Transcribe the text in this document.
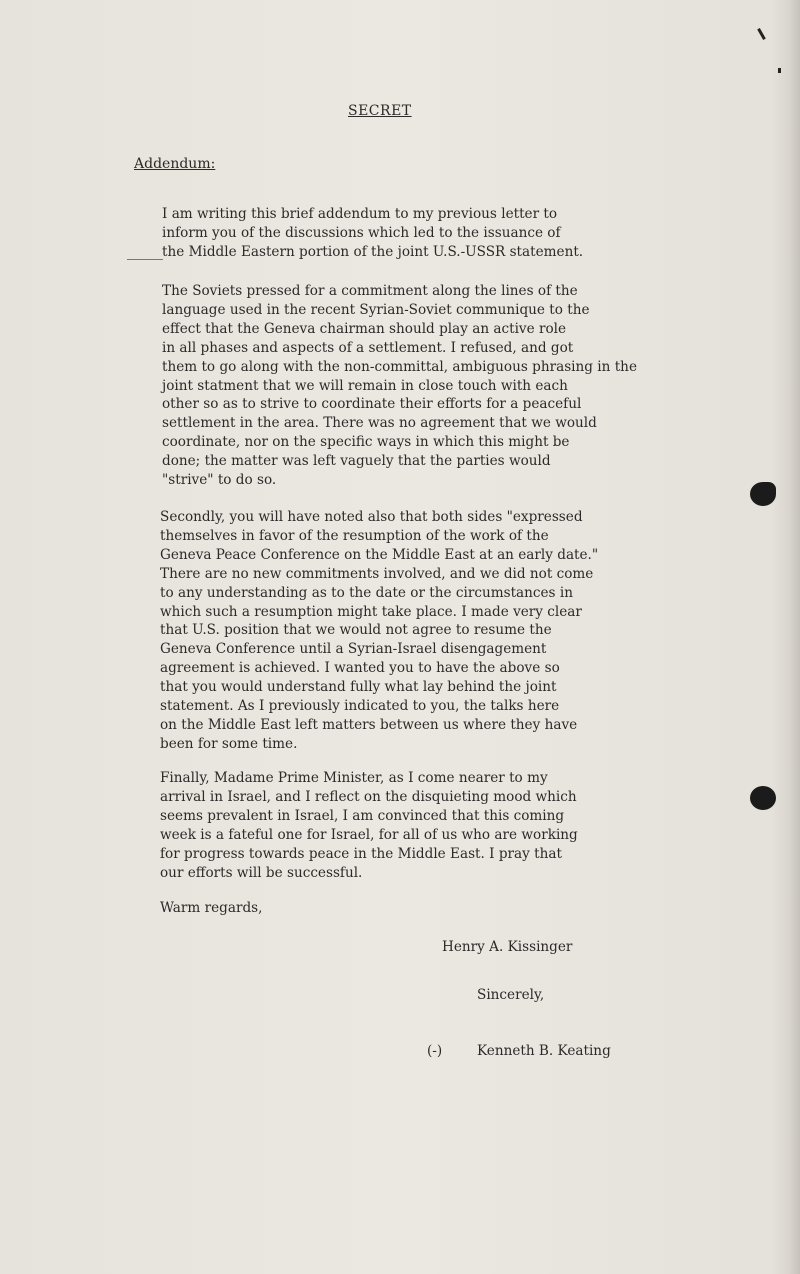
SECRET
Addendum:

I am writing this brief addendum to my previous letter to
inform you of the discussions which led to the issuance of
the Middle Eastern portion of the joint U.S.-USSR statement.

The Soviets pressed for a commitment along the lines of the
language used in the recent Syrian-Soviet communique to the
effect that the Geneva chairman should play an active role
in all phases and aspects of a settlement. I refused, and got
them to go along with the non-committal, ambiguous phrasing in the
joint statment that we will remain in close touch with each
other so as to strive to coordinate their efforts for a peaceful
settlement in the area. There was no agreement that we would
coordinate, nor on the specific ways in which this might be
done; the matter was left vaguely that the parties would
"strive" to do so.

Secondly, you will have noted also that both sides "expressed
themselves in favor of the resumption of the work of the
Geneva Peace Conference on the Middle East at an early date."
There are no new commitments involved, and we did not come
to any understanding as to the date or the circumstances in
which such a resumption might take place. I made very clear
that U.S. position that we would not agree to resume the
Geneva Conference until a Syrian-Israel disengagement
agreement is achieved. I wanted you to have the above so
that you would understand fully what lay behind the joint
statement. As I previously indicated to you, the talks here
on the Middle East left matters between us where they have
been for some time.

Finally, Madame Prime Minister, as I come nearer to my
arrival in Israel, and I reflect on the disquieting mood which
seems prevalent in Israel, I am convinced that this coming
week is a fateful one for Israel, for all of us who are working
for progress towards peace in the Middle East. I pray that
our efforts will be successful.

Warm regards,
Henry A. Kissinger
Sincerely,
(-)	Kenneth B. Keating
